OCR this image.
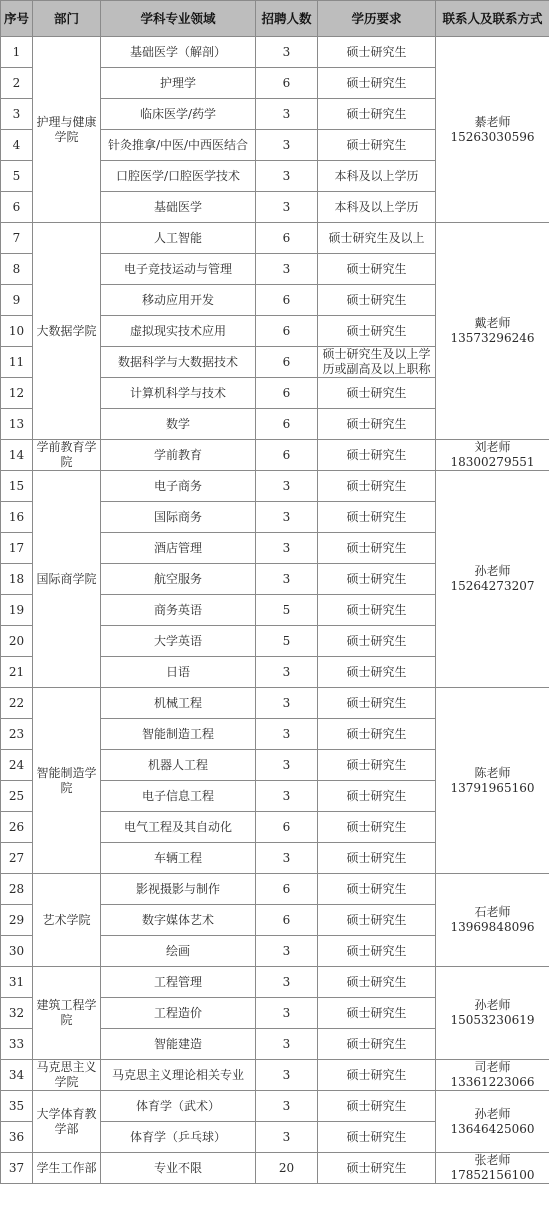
序号	部门	学科专业领域	招聘人数	学历要求	联系人及联系方式
1	护理与健康学院	基础医学（解剖）	3	硕士研究生	綦老师
15263030596

2		护理学	6	硕士研究生	
3		临床医学/药学	3	硕士研究生	
4		针灸推拿/中医/中西医结合	3	硕士研究生	
5		口腔医学/口腔医学技术	3	本科及以上学历	
6		基础医学	3	本科及以上学历	
7	大数据学院	人工智能	6	硕士研究生及以上	戴老师
13573296246

8		电子竞技运动与管理	3	硕士研究生	
9		移动应用开发	6	硕士研究生	
10		虚拟现实技术应用	6	硕士研究生	
11		数据科学与大数据技术	6	硕士研究生及以上学历或副高及以上职称	
12		计算机科学与技术	6	硕士研究生	
13		数学	6	硕士研究生	
14	学前教育学院	学前教育	6	硕士研究生	刘老师
18300279551

15	国际商学院	电子商务	3	硕士研究生	孙老师
15264273207

16		国际商务	3	硕士研究生	
17		酒店管理	3	硕士研究生	
18		航空服务	3	硕士研究生	
19		商务英语	5	硕士研究生	
20		大学英语	5	硕士研究生	
21		日语	3	硕士研究生	
22	智能制造学院	机械工程	3	硕士研究生	陈老师
13791965160

23		智能制造工程	3	硕士研究生	
24		机器人工程	3	硕士研究生	
25		电子信息工程	3	硕士研究生	
26		电气工程及其自动化	6	硕士研究生	
27		车辆工程	3	硕士研究生	
28	艺术学院	影视摄影与制作	6	硕士研究生	石老师
13969848096

29		数字媒体艺术	6	硕士研究生	
30		绘画	3	硕士研究生	
31	建筑工程学院	工程管理	3	硕士研究生	孙老师
15053230619

32		工程造价	3	硕士研究生	
33		智能建造	3	硕士研究生	
34	马克思主义学院	马克思主义理论相关专业	3	硕士研究生	司老师
13361223066

35	大学体育教学部	体育学（武术）	3	硕士研究生	孙老师
13646425060

36		体育学（乒乓球）	3	硕士研究生	
37	学生工作部	专业不限	20	硕士研究生	张老师
17852156100
